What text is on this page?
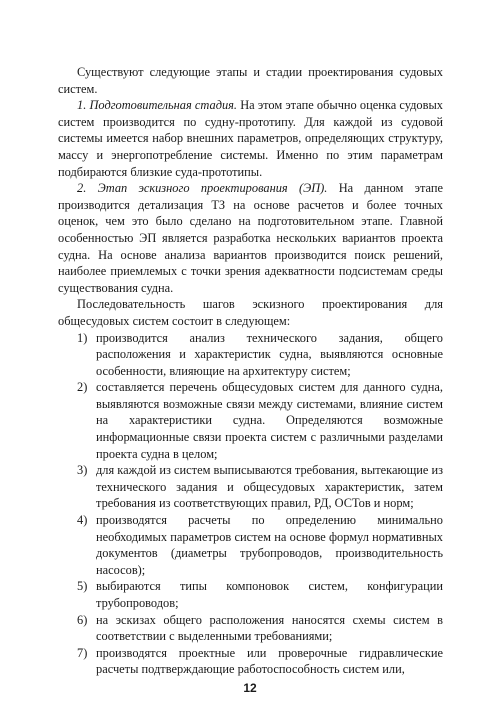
Существуют следующие этапы и стадии проектирования судовых систем.

1. Подготовительная стадия. На этом этапе обычно оценка судовых систем производится по судну-прототипу. Для каждой из судовой системы имеется набор внешних параметров, определяющих структуру, массу и энергопотребление системы. Именно по этим параметрам подбираются близкие суда-прототипы.

2. Этап эскизного проектирования (ЭП). На данном этапе производится детализация ТЗ на основе расчетов и более точных оценок, чем это было сделано на подготовительном этапе. Главной особенностью ЭП является разработка нескольких вариантов проекта судна. На основе анализа вариантов производится поиск решений, наиболее приемлемых с точки зрения адекватности подсистемам среды существования судна.

Последовательность шагов эскизного проектирования для общесудовых систем состоит в следующем:

1) производится анализ технического задания, общего расположения и характеристик судна, выявляются основные особенности, влияющие на архитектуру систем;
2) составляется перечень общесудовых систем для данного судна, выявляются возможные связи между системами, влияние систем на характеристики судна. Определяются возможные информационные связи проекта систем с различными разделами проекта судна в целом;
3) для каждой из систем выписываются требования, вытекающие из технического задания и общесудовых характеристик, затем требования из соответствующих правил, РД, ОСТов и норм;
4) производятся расчеты по определению минимально необходимых параметров систем на основе формул нормативных документов (диаметры трубопроводов, производительность насосов);
5) выбираются типы компоновок систем, конфигурации трубопроводов;
6) на эскизах общего расположения наносятся схемы систем в соответствии с выделенными требованиями;
7) производятся проектные или проверочные гидравлические расчеты подтверждающие работоспособность систем или,
12
